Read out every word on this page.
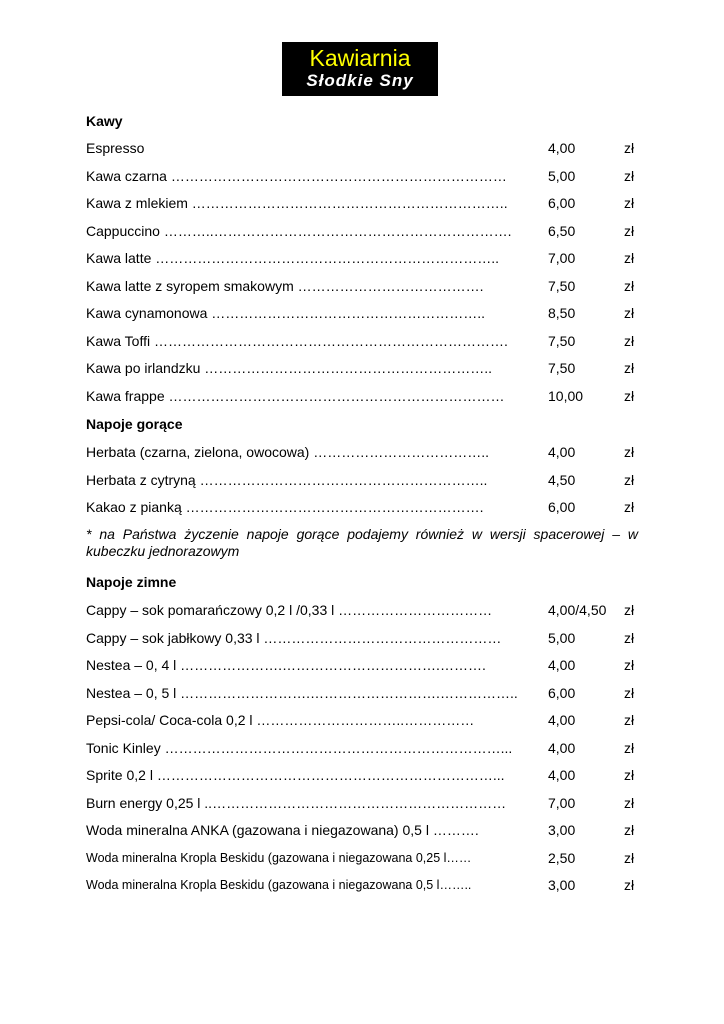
Kawiarnia
Słodkie Sny
Kawy
Espresso	4,00	zł
Kawa czarna ………………………………………………………………	5,00	zł
Kawa z mlekiem …………………………………………………………..	6,00	zł
Cappuccino ………..……………………………………………………….	6,50	zł
Kawa latte ………………………………………………………………..	7,00	zł
Kawa latte z syropem smakowym ………………………………….	7,50	zł
Kawa cynamonowa …………………………………………………..	8,50	zł
Kawa Toffi ………………………………………………………………….	7,50	zł
Kawa po irlandzku ……………………………………………………..	7,50	zł
Kawa frappe ………………………………………………………………	10,00	zł
Napoje gorące
Herbata (czarna, zielona, owocowa) ………………………………..	4,00	zł
Herbata z cytryną ……………………………………………………..	4,50	zł
Kakao z pianką ……………………………………………………….	6,00	zł
* na Państwa życzenie napoje gorące podajemy również w wersji spacerowej – w kubeczku jednorazowym
Napoje zimne
Cappy – sok pomarańczowy 0,2 l /0,33 l ……………………………	4,00/4,50 zł
Cappy – sok jabłkowy 0,33 l ……………………………………………	5,00	zł
Nestea – 0, 4 l ………………….…………………………….……….	4,00	zł
Nestea – 0, 5 l ……………………….……………………….…………….. 6,00	zł
Pepsi-cola/ Coca-cola 0,2 l …………………………..……………	4,00	zł
Tonic Kinley ………………………………………………………………...	4,00	zł
Sprite 0,2 l ………………………………………………………………...	4,00	zł
Burn energy 0,25 l ..………………………………………………………	7,00	zł
Woda mineralna ANKA (gazowana i niegazowana) 0,5 l ……….	3,00	zł
Woda mineralna Kropla Beskidu (gazowana i niegazowana 0,25 l……	2,50	zł
Woda mineralna Kropla Beskidu (gazowana i niegazowana 0,5 l……..	3,00	zł
